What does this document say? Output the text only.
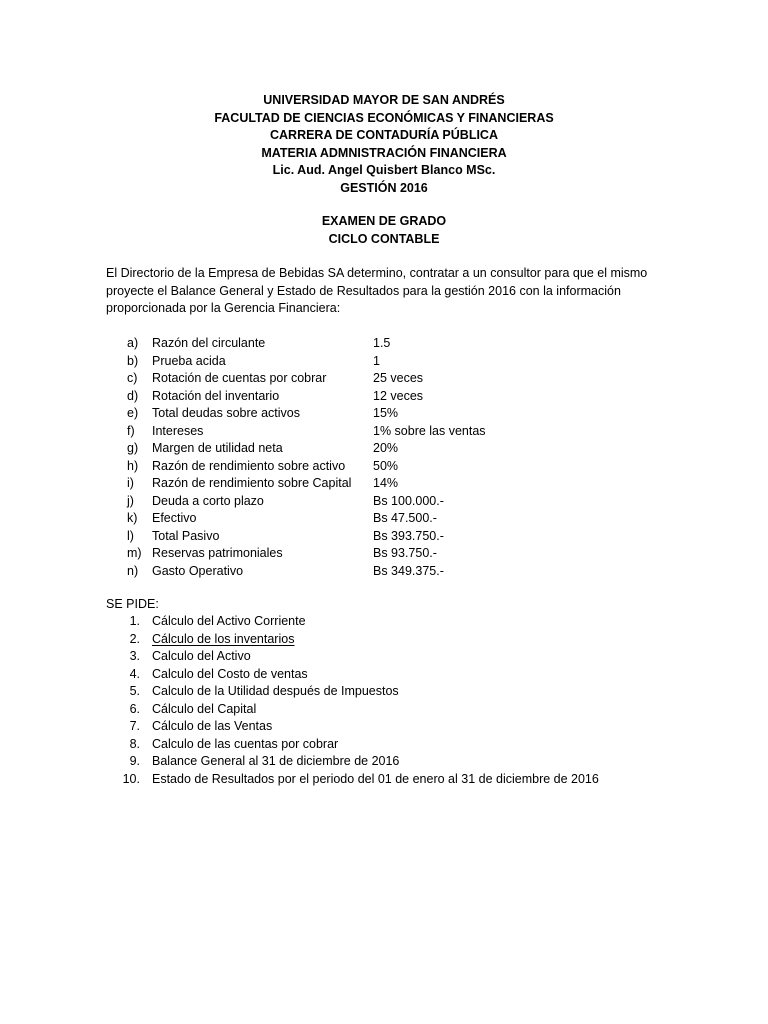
UNIVERSIDAD MAYOR DE SAN ANDRÉS
FACULTAD DE CIENCIAS ECONÓMICAS Y FINANCIERAS
CARRERA DE CONTADURÍA PÚBLICA
MATERIA ADMNISTRACIÓN FINANCIERA
Lic. Aud. Angel Quisbert Blanco MSc.
GESTIÓN 2016
EXAMEN DE GRADO
CICLO CONTABLE
El Directorio de la Empresa de Bebidas SA determino, contratar a un consultor para que el mismo
proyecte el Balance General y Estado de Resultados para la gestión 2016 con la información
proporcionada por la Gerencia Financiera:
a)	Razón del circulante	1.5
b)	Prueba acida	1
c)	Rotación de cuentas por cobrar	25 veces
d)	Rotación del inventario	12 veces
e)	Total deudas sobre activos	15%
f)	Intereses	1% sobre las ventas
g)	Margen de utilidad neta	20%
h)	Razón de rendimiento sobre activo 50%
i)	Razón de rendimiento sobre Capital 14%
j)	Deuda a corto plazo	Bs 100.000.-
k)	Efectivo	Bs 47.500.-
l)	Total Pasivo	Bs 393.750.-
m) Reservas patrimoniales	Bs 93.750.-
n)	Gasto Operativo	Bs 349.375.-
SE PIDE:
1. Cálculo del Activo Corriente
2. Cálculo de los inventarios
3. Calculo del Activo
4. Calculo del Costo de ventas
5. Calculo de la Utilidad después de Impuestos
6. Cálculo del Capital
7. Cálculo de las Ventas
8. Calculo de las cuentas por cobrar
9. Balance General al 31 de diciembre de 2016
10. Estado de Resultados por el periodo del 01 de enero al 31 de diciembre de 2016
